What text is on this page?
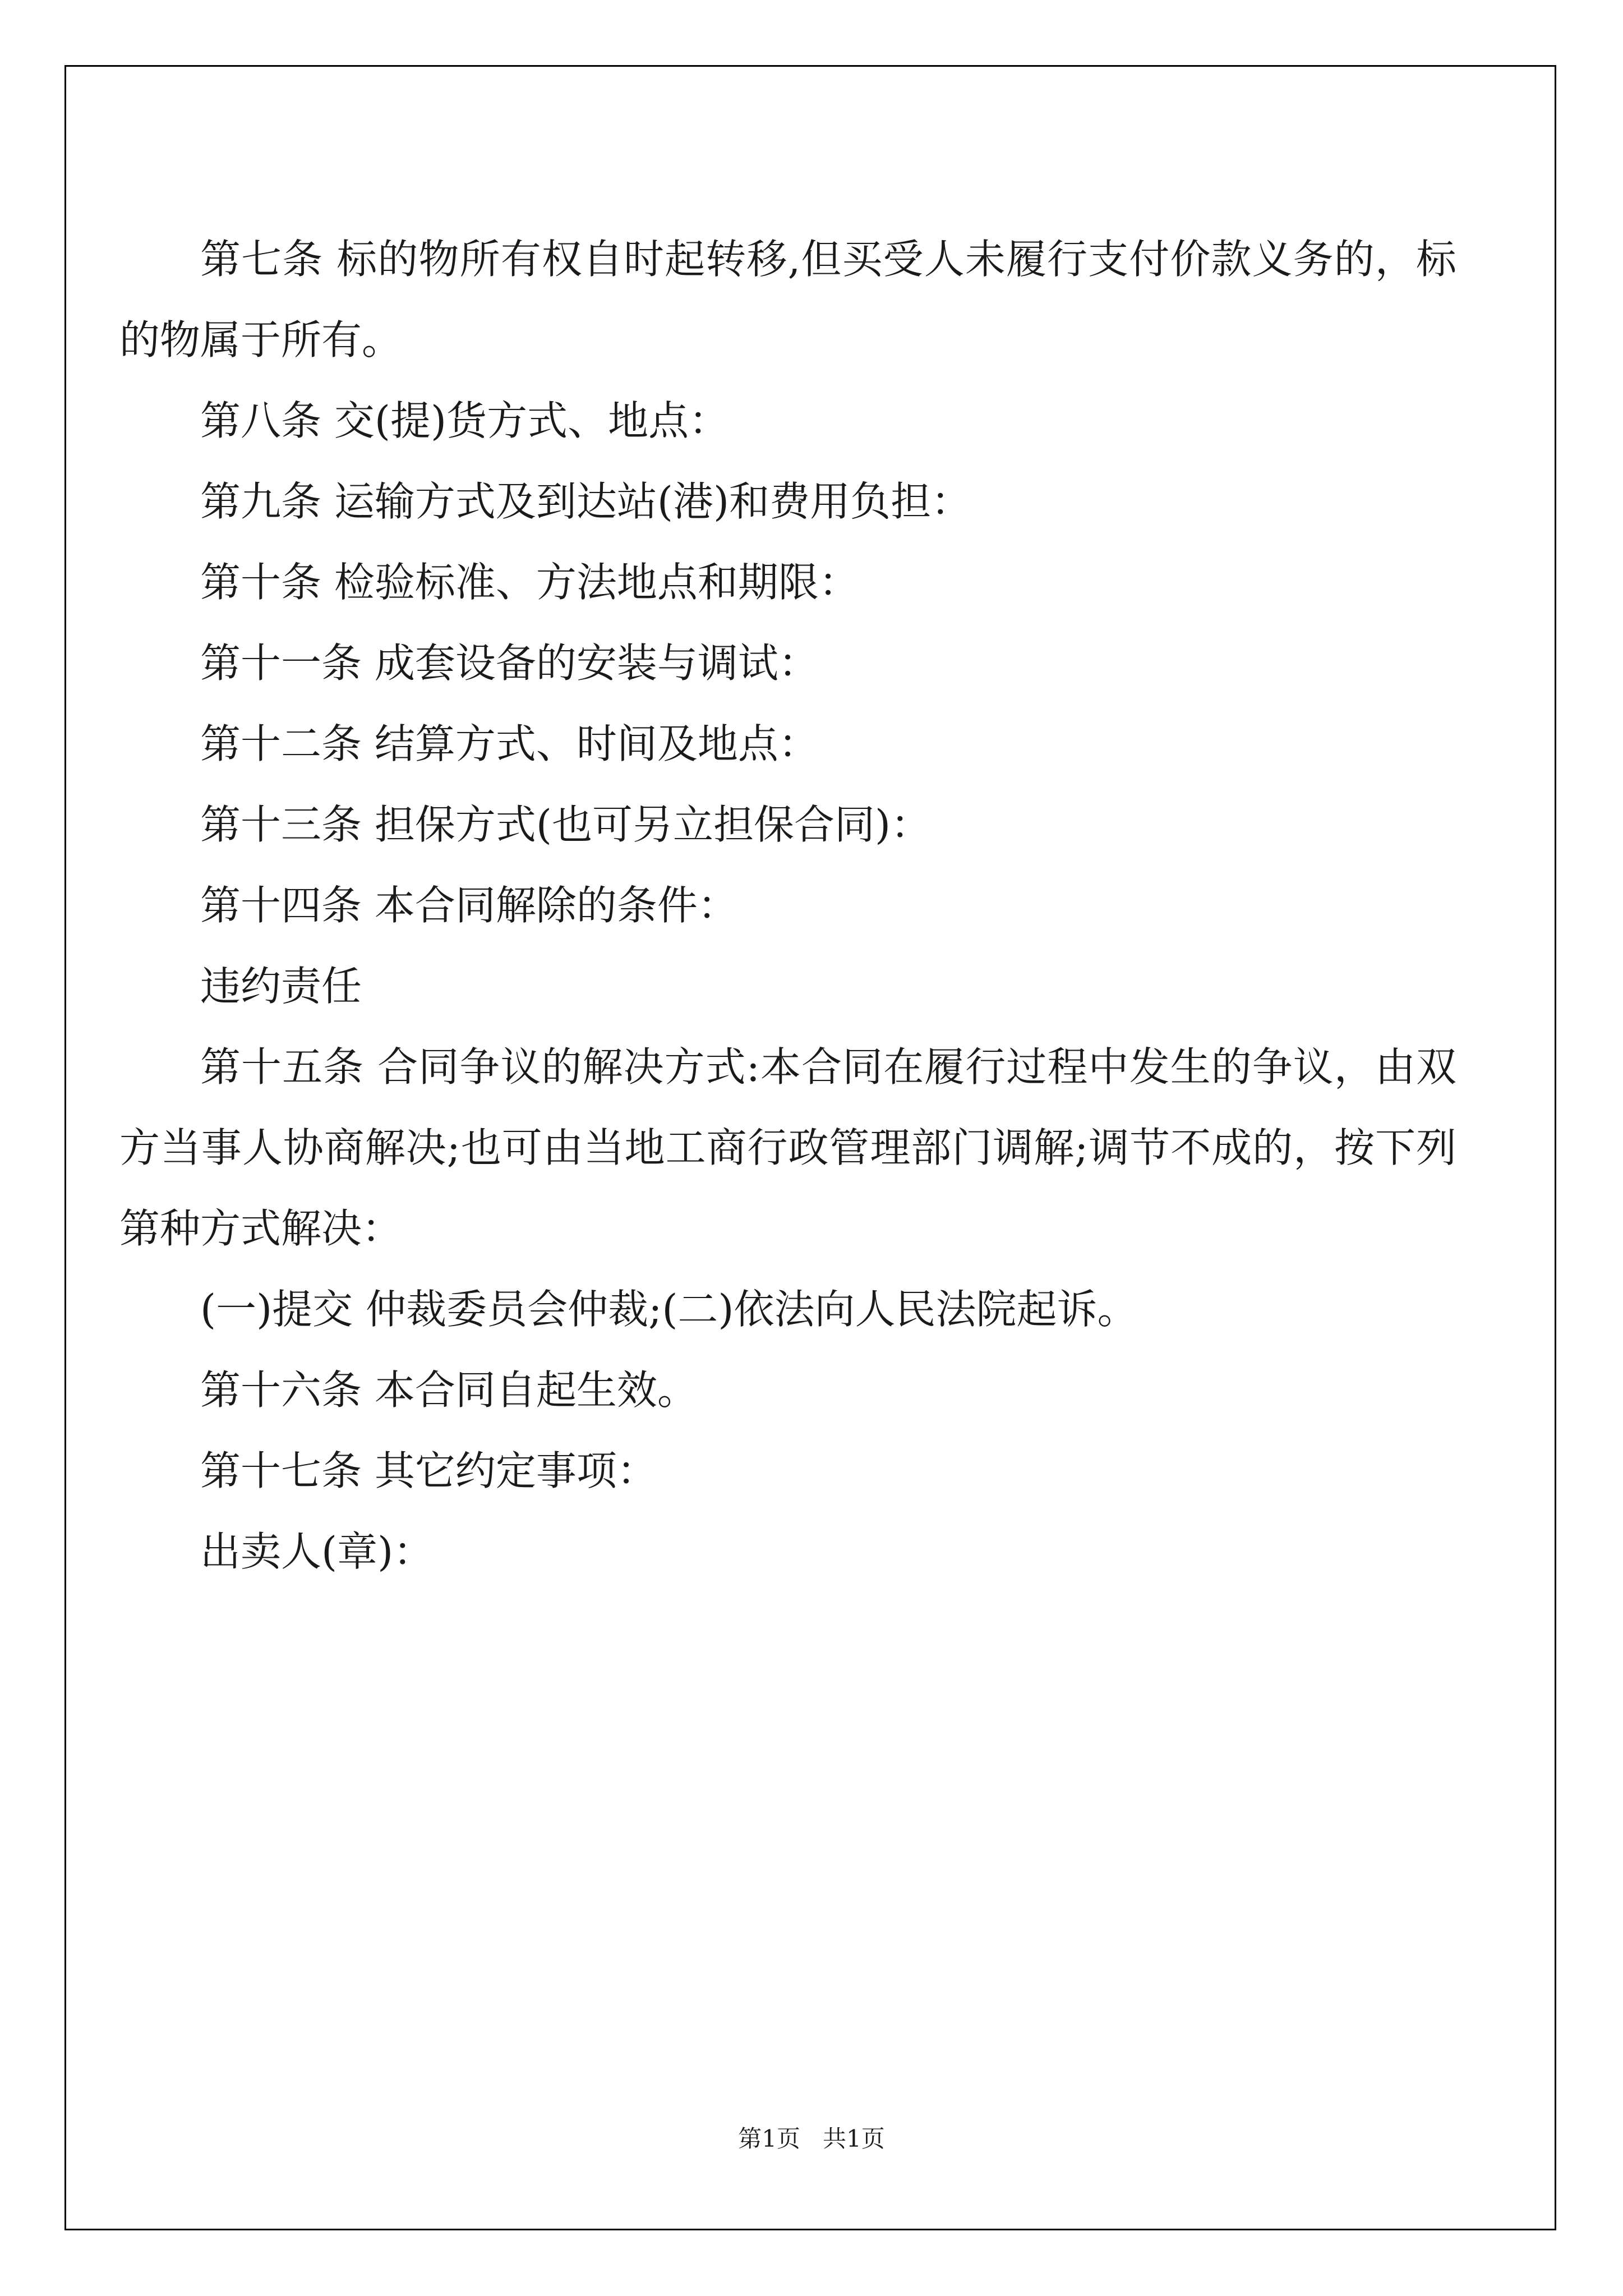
第七条 标的物所有权自时起转移,但买受人未履行支付价款义务的，标的物属于所有。

第八条 交(提)货方式、地点：

第九条 运输方式及到达站(港)和费用负担：

第十条 检验标准、方法地点和期限：

第十一条 成套设备的安装与调试：

第十二条 结算方式、时间及地点：

第十三条 担保方式(也可另立担保合同)：

第十四条 本合同解除的条件：

违约责任

第十五条 合同争议的解决方式:本合同在履行过程中发生的争议，由双方当事人协商解决;也可由当地工商行政管理部门调解;调节不成的，按下列第种方式解决：

(一)提交 仲裁委员会仲裁;(二)依法向人民法院起诉。

第十六条 本合同自起生效。

第十七条 其它约定事项：

出卖人(章)：

第1页 共1页
